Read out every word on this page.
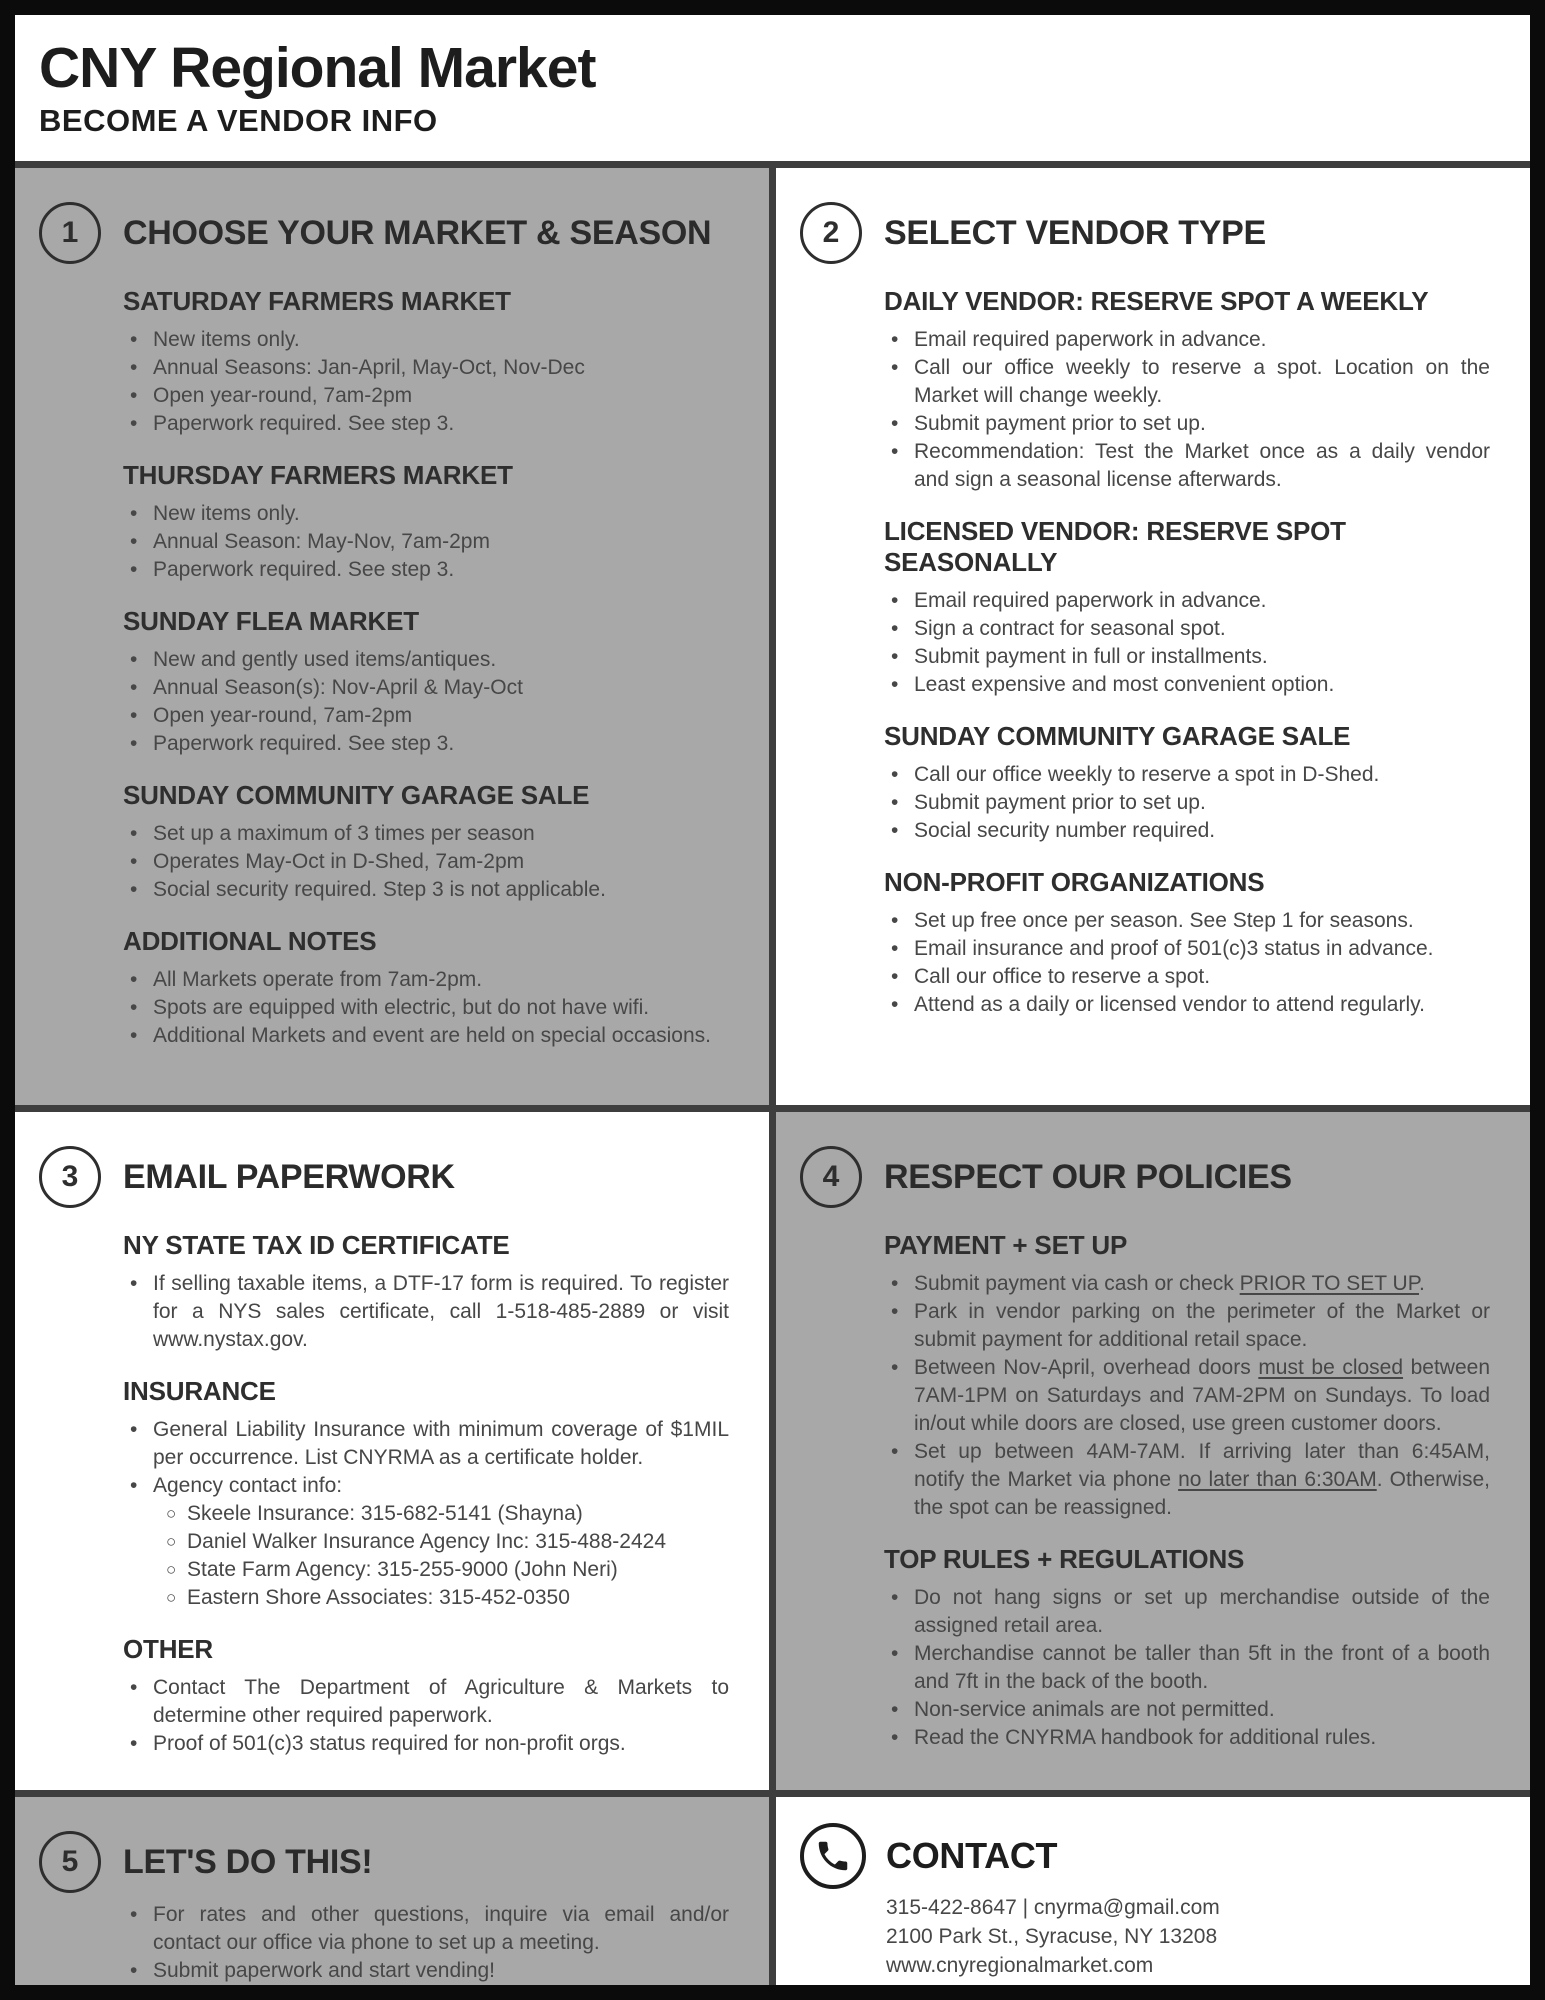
CNY Regional Market
BECOME A VENDOR INFO
1	CHOOSE YOUR MARKET & SEASON
SATURDAY FARMERS MARKET
• New items only.
• Annual Seasons: Jan-April, May-Oct, Nov-Dec
• Open year-round, 7am-2pm
• Paperwork required. See step 3.
THURSDAY FARMERS MARKET
• New items only.
• Annual Season: May-Nov, 7am-2pm
• Paperwork required. See step 3.
SUNDAY FLEA MARKET
• New and gently used items/antiques.
• Annual Season(s): Nov-April & May-Oct
• Open year-round, 7am-2pm
• Paperwork required. See step 3.
SUNDAY COMMUNITY GARAGE SALE
• Set up a maximum of 3 times per season
• Operates May-Oct in D-Shed, 7am-2pm
• Social security required. Step 3 is not applicable.
ADDITIONAL NOTES
• All Markets operate from 7am-2pm.
• Spots are equipped with electric, but do not have wifi.
• Additional Markets and event are held on special occasions.
2	SELECT VENDOR TYPE
DAILY VENDOR: RESERVE SPOT A WEEKLY
• Email required paperwork in advance.
• Call our office weekly to reserve a spot. Location on the Market will change weekly.
• Submit payment prior to set up.
• Recommendation: Test the Market once as a daily vendor and sign a seasonal license afterwards.
LICENSED VENDOR: RESERVE SPOT SEASONALLY
• Email required paperwork in advance.
• Sign a contract for seasonal spot.
• Submit payment in full or installments.
• Least expensive and most convenient option.
SUNDAY COMMUNITY GARAGE SALE
• Call our office weekly to reserve a spot in D-Shed.
• Submit payment prior to set up.
• Social security number required.
NON-PROFIT ORGANIZATIONS
• Set up free once per season. See Step 1 for seasons.
• Email insurance and proof of 501(c)3 status in advance.
• Call our office to reserve a spot.
• Attend as a daily or licensed vendor to attend regularly.
3	EMAIL PAPERWORK
NY STATE TAX ID CERTIFICATE
• If selling taxable items, a DTF-17 form is required. To register for a NYS sales certificate, call 1-518-485-2889 or visit www.nystax.gov.
INSURANCE
• General Liability Insurance with minimum coverage of $1MIL per occurrence. List CNYRMA as a certificate holder.
• Agency contact info:
○ Skeele Insurance: 315-682-5141 (Shayna)
○ Daniel Walker Insurance Agency Inc: 315-488-2424
○ State Farm Agency: 315-255-9000 (John Neri)
○ Eastern Shore Associates: 315-452-0350
OTHER
• Contact The Department of Agriculture & Markets to determine other required paperwork.
• Proof of 501(c)3 status required for non-profit orgs.
4	RESPECT OUR POLICIES
PAYMENT + SET UP
• Submit payment via cash or check PRIOR TO SET UP.
• Park in vendor parking on the perimeter of the Market or submit payment for additional retail space.
• Between Nov-April, overhead doors must be closed between 7AM-1PM on Saturdays and 7AM-2PM on Sundays. To load in/out while doors are closed, use green customer doors.
• Set up between 4AM-7AM. If arriving later than 6:45AM, notify the Market via phone no later than 6:30AM. Otherwise, the spot can be reassigned.
TOP RULES + REGULATIONS
• Do not hang signs or set up merchandise outside of the assigned retail area.
• Merchandise cannot be taller than 5ft in the front of a booth and 7ft in the back of the booth.
• Non-service animals are not permitted.
• Read the CNYRMA handbook for additional rules.
5	LET'S DO THIS!
• For rates and other questions, inquire via email and/or contact our office via phone to set up a meeting.
• Submit paperwork and start vending!
CONTACT
315-422-8647 | cnyrma@gmail.com
2100 Park St., Syracuse, NY 13208
www.cnyregionalmarket.com
